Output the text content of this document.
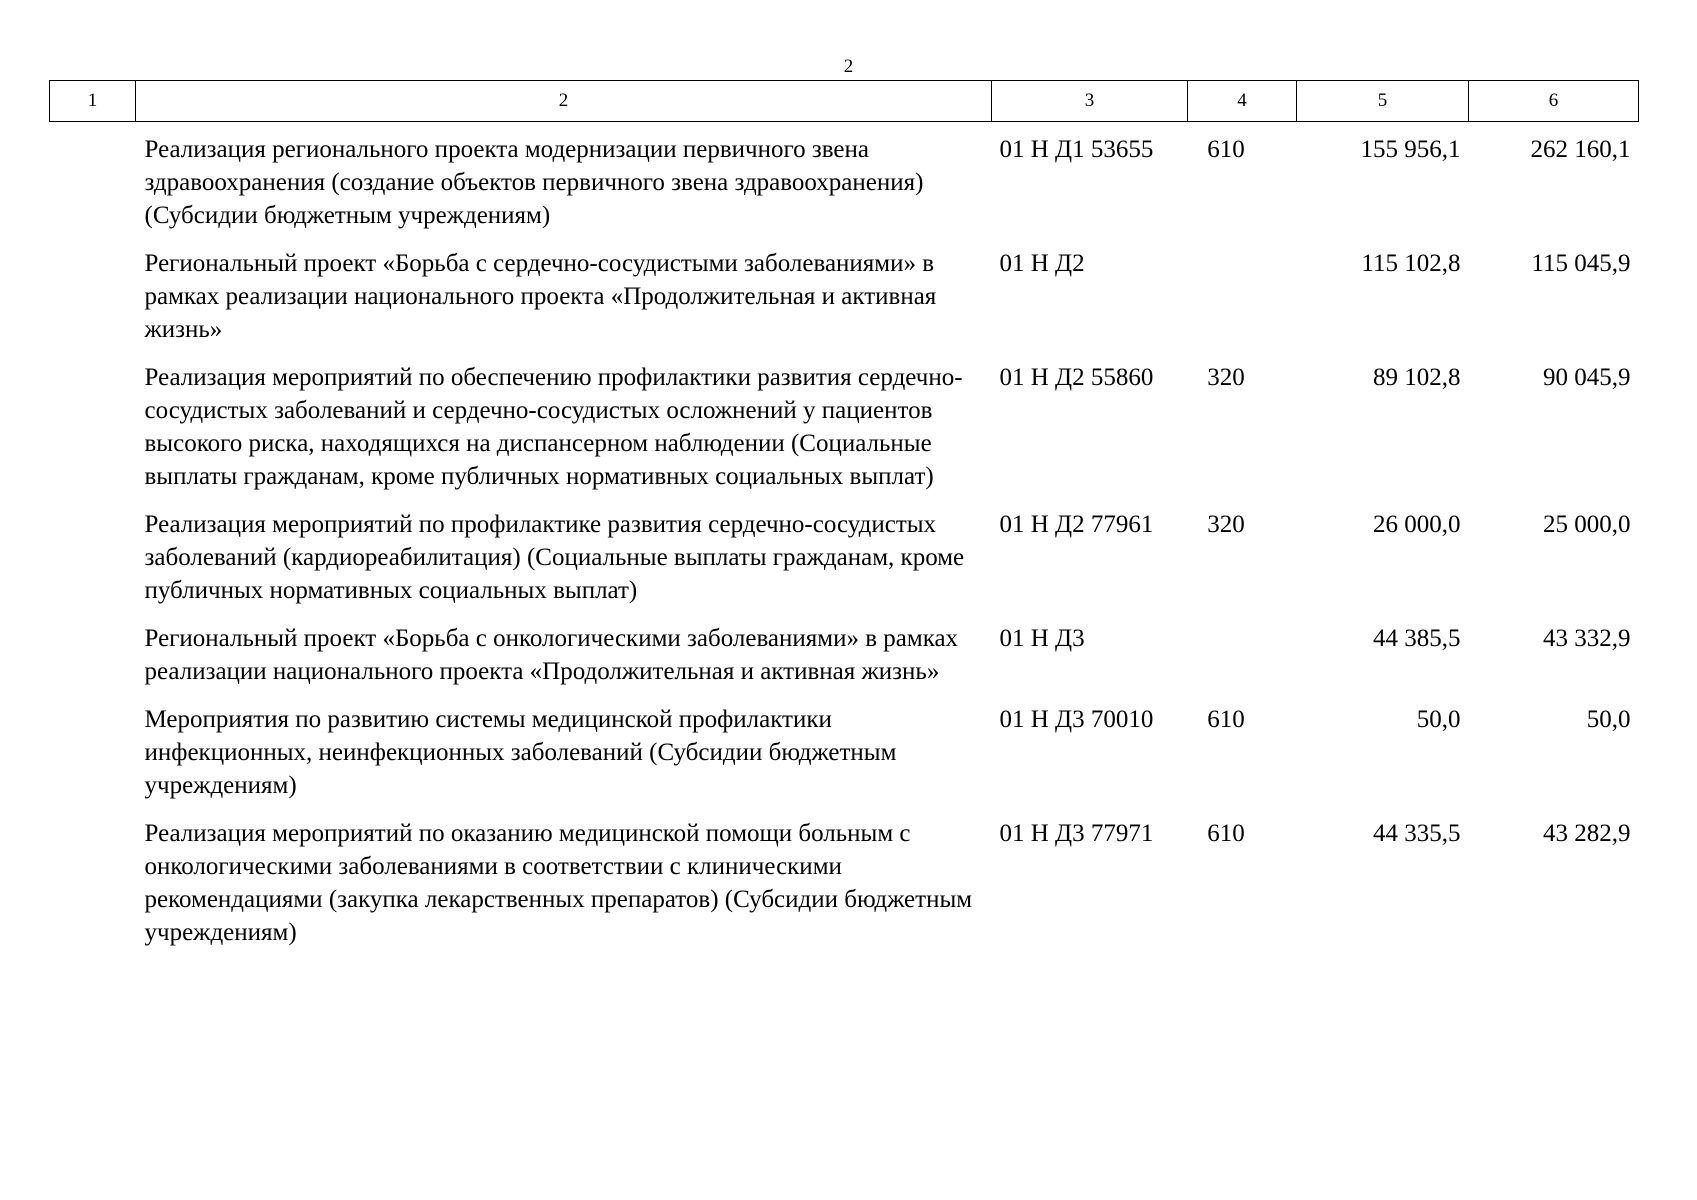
2
1	2	3	4	5	6
	Реализация регионального проекта модернизации первичного звена здравоохранения (создание объектов первичного звена здравоохранения) (Субсидии бюджетным учреждениям)	01 Н Д1 53655	610	155 956,1	262 160,1
	Региональный проект «Борьба с сердечно-сосудистыми заболеваниями» в рамках реализации национального проекта «Продолжительная и активная жизнь»	01 Н Д2		115 102,8	115 045,9
	Реализация мероприятий по обеспечению профилактики развития сердечно-сосудистых заболеваний и сердечно-сосудистых осложнений у пациентов высокого риска, находящихся на диспансерном наблюдении (Социальные выплаты гражданам, кроме публичных нормативных социальных выплат)	01 Н Д2 55860	320	89 102,8	90 045,9
	Реализация мероприятий по профилактике развития сердечно-сосудистых заболеваний (кардиореабилитация) (Социальные выплаты гражданам, кроме публичных нормативных социальных выплат)	01 Н Д2 77961	320	26 000,0	25 000,0
	Региональный проект «Борьба с онкологическими заболеваниями» в рамках реализации национального проекта «Продолжительная и активная жизнь»	01 Н Д3		44 385,5	43 332,9
	Мероприятия по развитию системы медицинской профилактики инфекционных, неинфекционных заболеваний (Субсидии бюджетным учреждениям)	01 Н Д3 70010	610	50,0	50,0
	Реализация мероприятий по оказанию медицинской помощи больным с онкологическими заболеваниями в соответствии с клиническими рекомендациями (закупка лекарственных препаратов) (Субсидии бюджетным учреждениям)	01 Н Д3 77971	610	44 335,5	43 282,9
